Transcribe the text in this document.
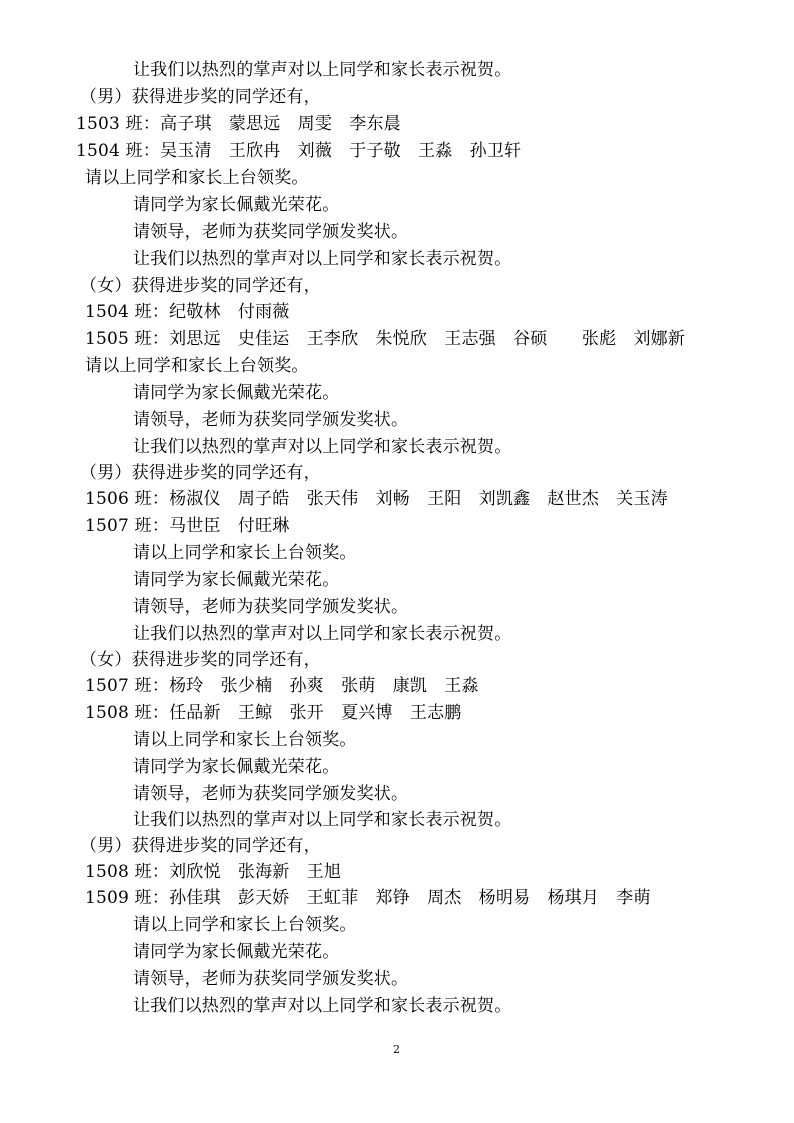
让我们以热烈的掌声对以上同学和家长表示祝贺。
（男）获得进步奖的同学还有，
1503 班：高子琪　蒙思远　周雯　李东晨
1504 班：吴玉清　王欣冉　刘薇　于子敬　王淼　孙卫轩
请以上同学和家长上台领奖。
请同学为家长佩戴光荣花。
请领导，老师为获奖同学颁发奖状。
让我们以热烈的掌声对以上同学和家长表示祝贺。
（女）获得进步奖的同学还有，
1504 班：纪敬林　付雨薇
1505 班：刘思远　史佳运　王李欣　朱悦欣　王志强　谷硕　　张彪　刘娜新
请以上同学和家长上台领奖。
请同学为家长佩戴光荣花。
请领导，老师为获奖同学颁发奖状。
让我们以热烈的掌声对以上同学和家长表示祝贺。
（男）获得进步奖的同学还有，
1506 班：杨淑仪　周子皓　张天伟　刘畅　王阳　刘凯鑫　赵世杰　关玉涛
1507 班：马世臣　付旺琳
请以上同学和家长上台领奖。
请同学为家长佩戴光荣花。
请领导，老师为获奖同学颁发奖状。
让我们以热烈的掌声对以上同学和家长表示祝贺。
（女）获得进步奖的同学还有，
1507 班：杨玲　张少楠　孙爽　张萌　康凯　王淼
1508 班：任品新　王鲸　张开　夏兴博　王志鹏
请以上同学和家长上台领奖。
请同学为家长佩戴光荣花。
请领导，老师为获奖同学颁发奖状。
让我们以热烈的掌声对以上同学和家长表示祝贺。
（男）获得进步奖的同学还有，
1508 班：刘欣悦　张海新　王旭
1509 班：孙佳琪　彭天娇　王虹菲　郑铮　周杰　杨明易　杨琪月　李萌
请以上同学和家长上台领奖。
请同学为家长佩戴光荣花。
请领导，老师为获奖同学颁发奖状。
让我们以热烈的掌声对以上同学和家长表示祝贺。
2
